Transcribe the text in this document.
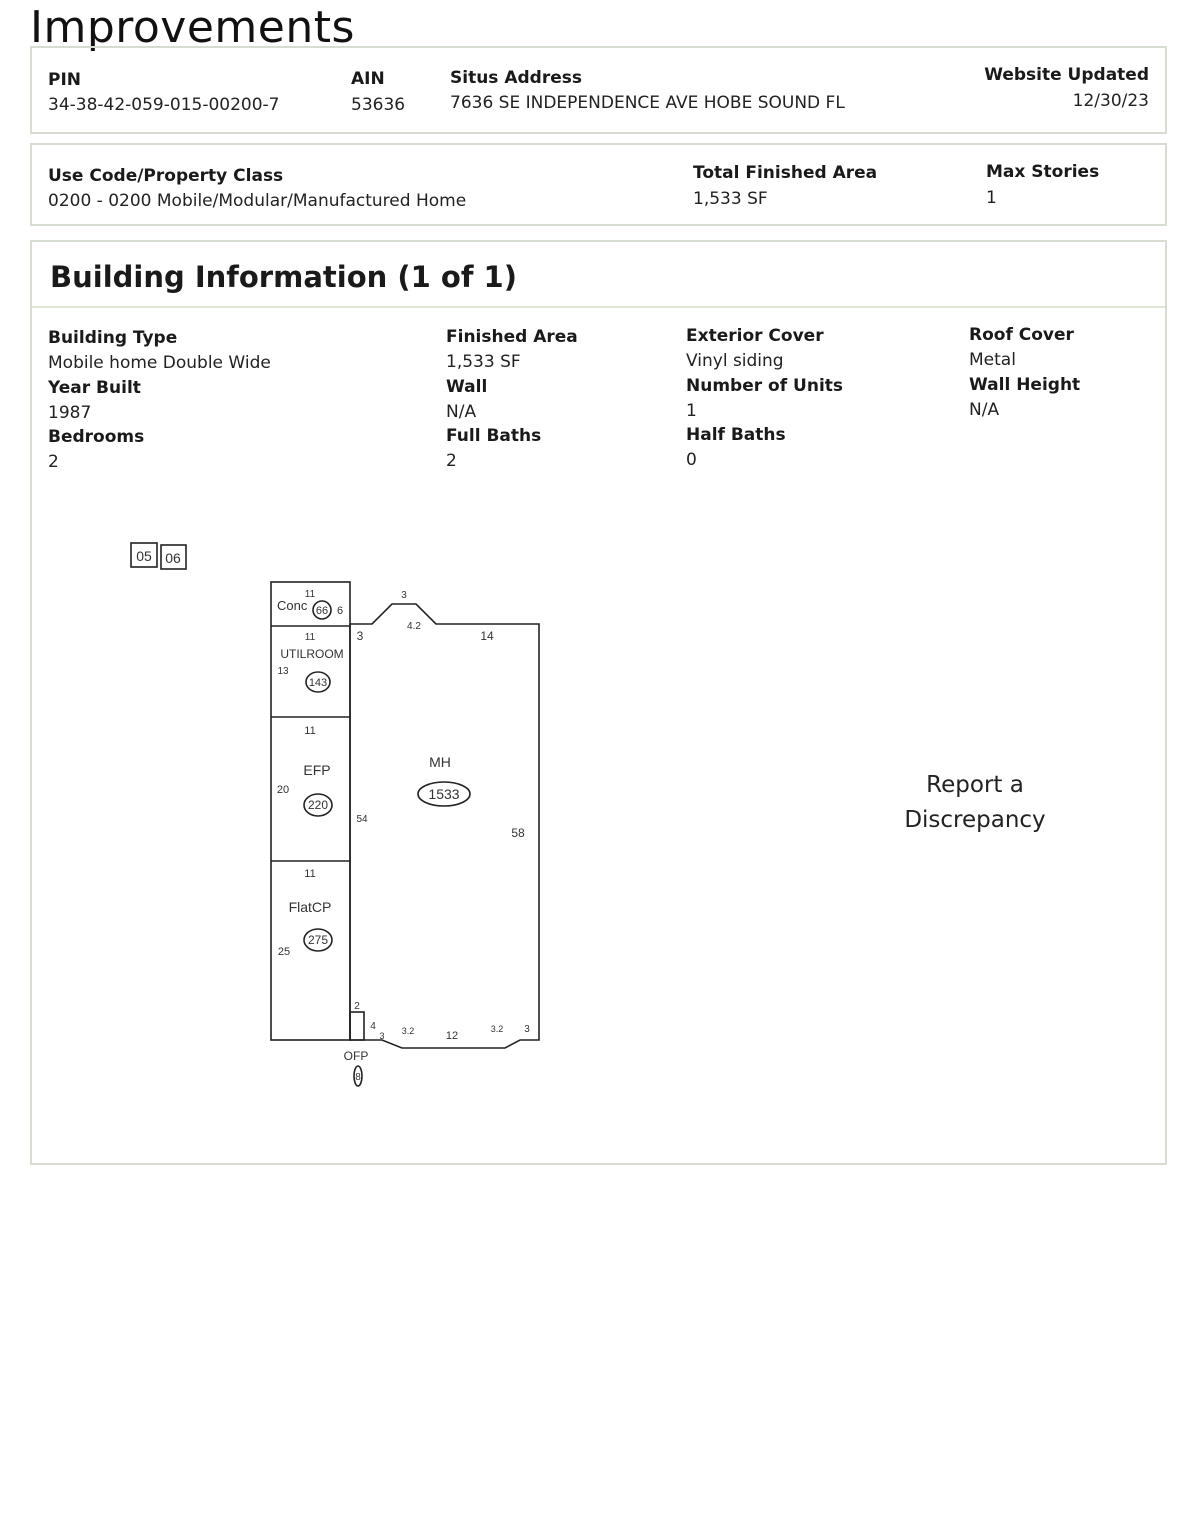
Improvements
PIN
34-38-42-059-015-00200-7
AIN
53636
Situs Address
7636 SE INDEPENDENCE AVE HOBE SOUND FL
Website Updated
12/30/23
Use Code/Property Class
0200 - 0200 Mobile/Modular/Manufactured Home
Total Finished Area
1,533 SF
Max Stories
1
Building Information (1 of 1)
Building Type
Mobile home Double Wide
Year Built
1987
Bedrooms
2
Finished Area
1,533 SF
Wall
N/A
Full Baths
2
Exterior Cover
Vinyl siding
Number of Units
1
Half Baths
0
Roof Cover
Metal
Wall Height
N/A
05 06
11
Conc 66 6
11
UTILROOM
13
143
11
EFP
20
220
11
FlatCP
275
25
3
3
4.2
14
MH
1533
54
58
2
4
3 3.2	12
3.2 3
OFP
8
Report a
Discrepancy
